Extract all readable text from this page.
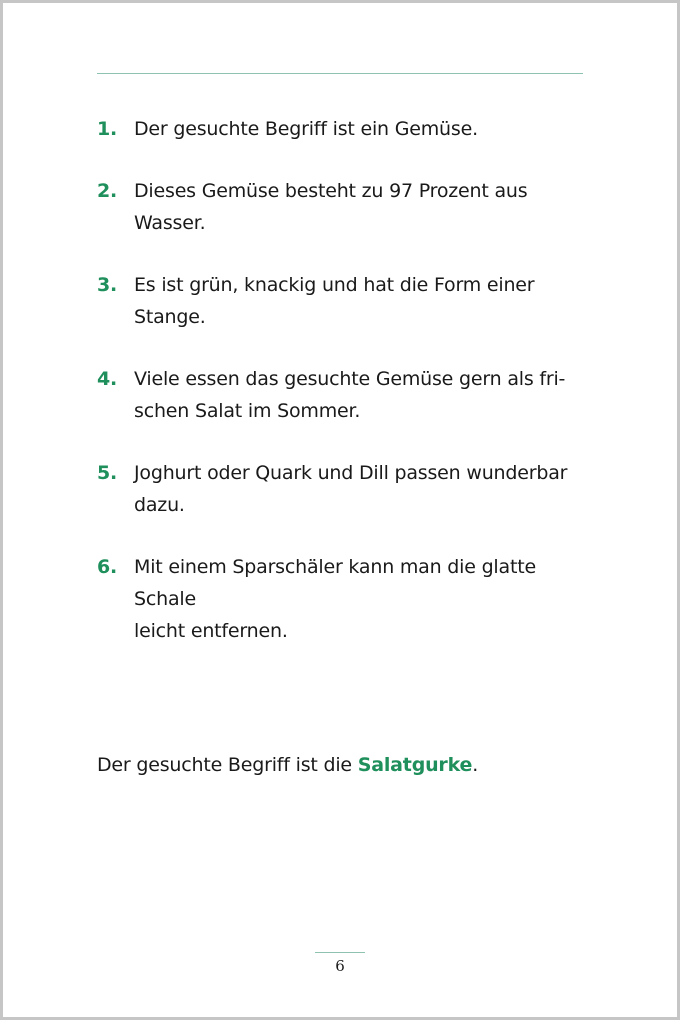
1. Der gesuchte Begriff ist ein Gemüse.
2. Dieses Gemüse besteht zu 97 Prozent aus Wasser.
3. Es ist grün, knackig und hat die Form einer Stange.
4. Viele essen das gesuchte Gemüse gern als fri-
schen Salat im Sommer.
5. Joghurt oder Quark und Dill passen wunderbar
dazu.
6. Mit einem Sparschäler kann man die glatte Schale
leicht entfernen.

Der gesuchte Begriff ist die Salatgurke.

6
